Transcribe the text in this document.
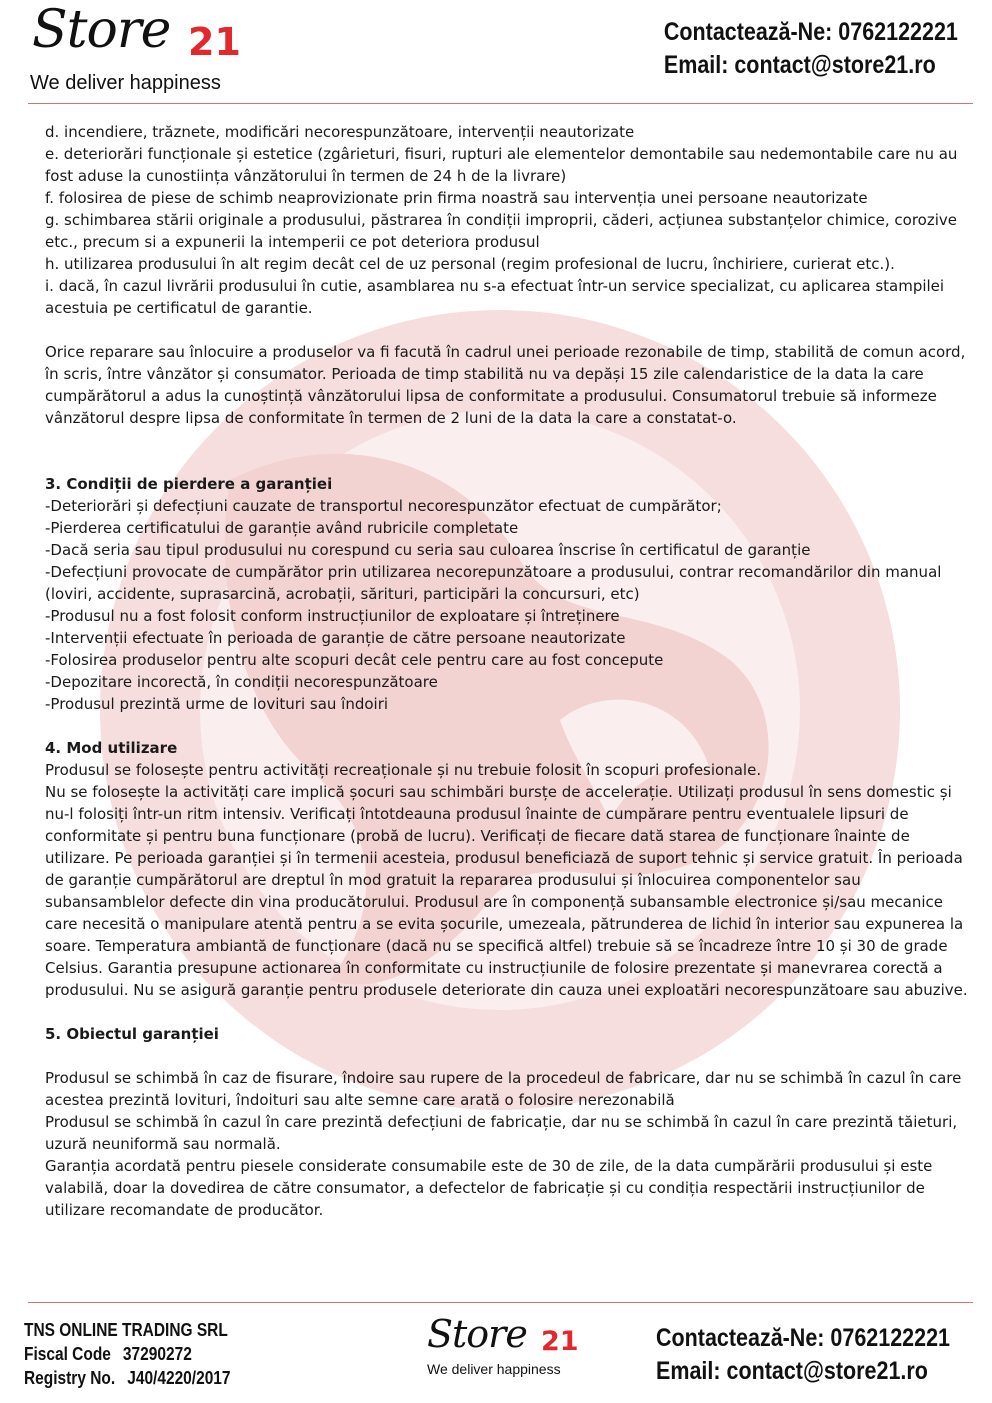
Store 21
We deliver happiness
Contactează-Ne: 0762122221
Email: contact@store21.ro

d. incendiere, trăznete, modificări necorespunzătoare, intervenții neautorizate

e. deteriorări funcționale și estetice (zgârieturi, fisuri, rupturi ale elementelor demontabile sau nedemontabile care nu au fost aduse la cunostiința vânzătorului în termen de 24 h de la livrare)

f. folosirea de piese de schimb neaprovizionate prin firma noastră sau intervenția unei persoane neautorizate

g. schimbarea stării originale a produsului, păstrarea în condiții improprii, căderi, acțiunea substanțelor chimice, corozive etc., precum si a expunerii la intemperii ce pot deteriora produsul

h. utilizarea produsului în alt regim decât cel de uz personal (regim profesional de lucru, închiriere, curierat etc.).

i. dacă, în cazul livrării produsului în cutie, asamblarea nu s-a efectuat într-un service specializat, cu aplicarea stampilei acestuia pe certificatul de garantie.

Orice reparare sau înlocuire a produselor va fi facută în cadrul unei perioade rezonabile de timp, stabilită de comun acord, în scris, între vânzător și consumator. Perioada de timp stabilită nu va depăși 15 zile calendaristice de la data la care cumpărătorul a adus la cunoștință vânzătorului lipsa de conformitate a produsului. Consumatorul trebuie să informeze vânzătorul despre lipsa de conformitate în termen de 2 luni de la data la care a constatat-o.

3. Condiții de pierdere a garanției

-Deteriorări și defecțiuni cauzate de transportul necorespunzător efectuat de cumpărător;

-Pierderea certificatului de garanție având rubricile completate

-Dacă seria sau tipul produsului nu corespund cu seria sau culoarea înscrise în certificatul de garanție

-Defecțiuni provocate de cumpărător prin utilizarea necorepunzătoare a produsului, contrar recomandărilor din manual (loviri, accidente, suprasarcină, acrobații, sărituri, participări la concursuri, etc)

-Produsul nu a fost folosit conform instrucțiunilor de exploatare și întreținere

-Intervenții efectuate în perioada de garanție de către persoane neautorizate

-Folosirea produselor pentru alte scopuri decât cele pentru care au fost concepute

-Depozitare incorectă, în condiții necorespunzătoare

-Produsul prezintă urme de lovituri sau îndoiri

4. Mod utilizare

Produsul se folosește pentru activități recreaționale și nu trebuie folosit în scopuri profesionale.

Nu se folosește la activități care implică șocuri sau schimbări bursțe de accelerație. Utilizați produsul în sens domestic și nu-l folosiți într-un ritm intensiv. Verificați întotdeauna produsul înainte de cumpărare pentru eventualele lipsuri de conformitate și pentru buna funcționare (probă de lucru). Verificați de fiecare dată starea de funcționare înainte de utilizare. Pe perioada garanției și în termenii acesteia, produsul beneficiază de suport tehnic și service gratuit. În perioada de garanție cumpărătorul are dreptul în mod gratuit la repararea produsului și înlocuirea componentelor sau subansamblelor defecte din vina producătorului. Produsul are în componență subansamble electronice și/sau mecanice care necesită o manipulare atentă pentru a se evita șocurile, umezeala, pătrunderea de lichid în interior sau expunerea la soare. Temperatura ambiantă de funcționare (dacă nu se specifică altfel) trebuie să se încadreze între 10 și 30 de grade Celsius. Garantia presupune actionarea în conformitate cu instrucțiunile de folosire prezentate și manevrarea corectă a produsului. Nu se asigură garanție pentru produsele deteriorate din cauza unei exploatări necorespunzătoare sau abuzive.

5. Obiectul garanției

Produsul se schimbă în caz de fisurare, îndoire sau rupere de la procedeul de fabricare, dar nu se schimbă în cazul în care acestea prezintă lovituri, îndoituri sau alte semne care arată o folosire nerezonabilă

Produsul se schimbă în cazul în care prezintă defecțiuni de fabricație, dar nu se schimbă în cazul în care prezintă tăieturi, uzură neuniformă sau normală.

Garanția acordată pentru piesele considerate consumabile este de 30 de zile, de la data cumpărării produsului și este valabilă, doar la dovedirea de către consumator, a defectelor de fabricație și cu condiția respectării instrucțiunilor de utilizare recomandate de producător.

TNS ONLINE TRADING SRL
Fiscal Code 37290272
Registry No. J40/4220/2017
Store 21
We deliver happiness
Contactează-Ne: 0762122221
Email: contact@store21.ro
